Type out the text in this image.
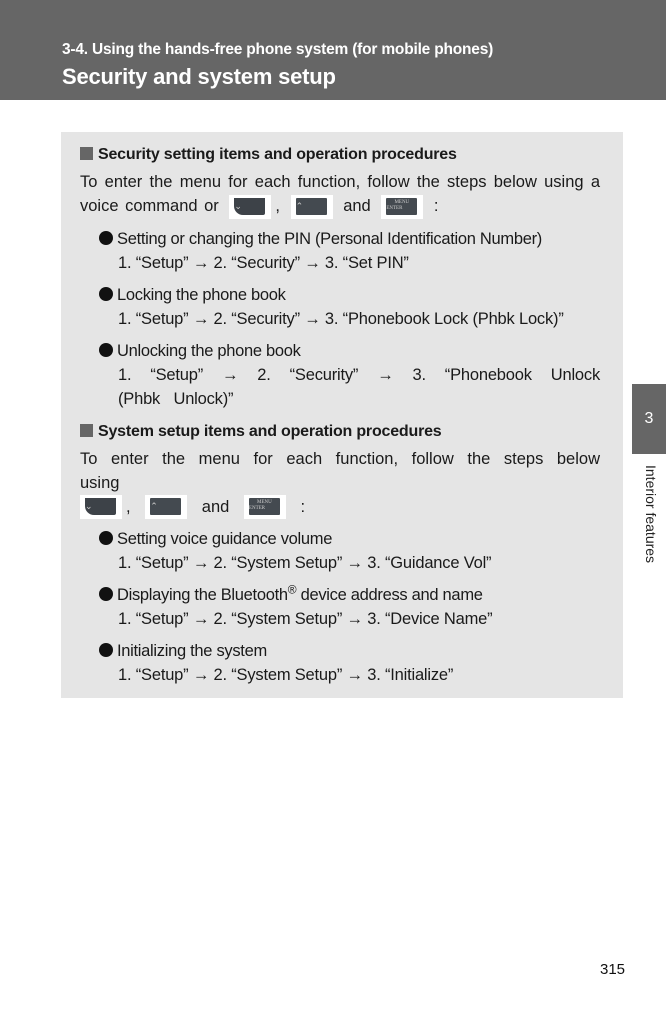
3-4. Using the hands-free phone system (for mobile phones)
Security and system setup
Security setting items and operation procedures
To enter the menu for each function, follow the steps below using a voice command or ⌄	, ⌃	and	MENU ENTER	:
Setting or changing the PIN (Personal Identification Number)
1. “Setup” → 2. “Security” → 3. “Set PIN”
Locking the phone book
1. “Setup” → 2. “Security” → 3. “Phonebook Lock (Phbk Lock)”
Unlocking the phone book
1. “Setup” → 2. “Security” → 3. “Phonebook Unlock (Phbk Unlock)”
System setup items and operation procedures
To enter the menu for each function, follow the steps below using

⌄	, ⌃	and	MENU ENTER	:
Setting voice guidance volume
1. “Setup” → 2. “System Setup” → 3. “Guidance Vol”
Displaying the Bluetooth® device address and name
1. “Setup” → 2. “System Setup” → 3. “Device Name”
Initializing the system
1. “Setup” → 2. “System Setup” → 3. “Initialize”
3
Interior features
315
